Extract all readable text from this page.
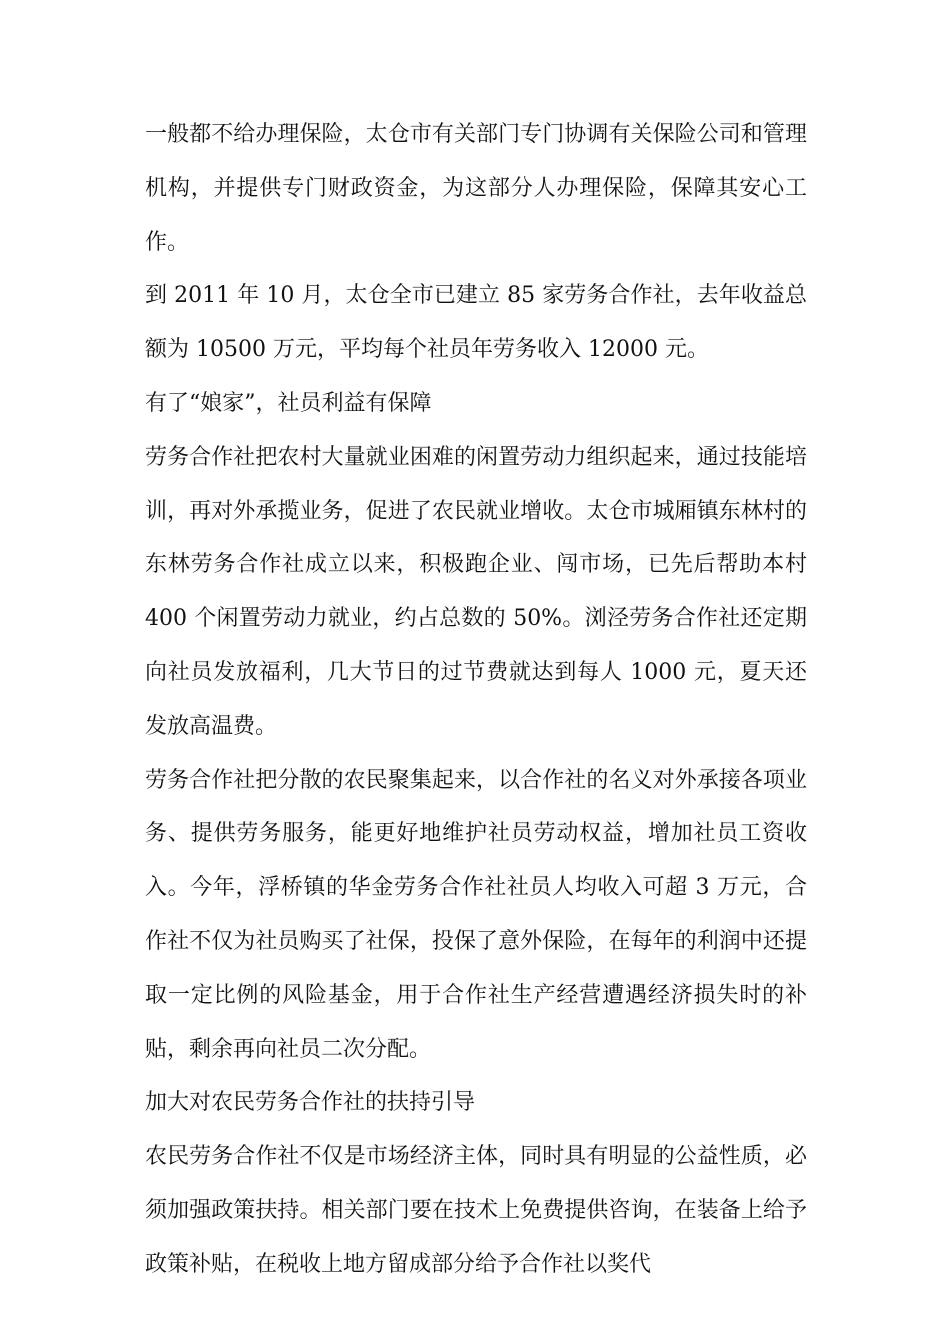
一般都不给办理保险，太仓市有关部门专门协调有关保险公司和管理机构，并提供专门财政资金，为这部分人办理保险，保障其安心工作。

到 2011 年 10 月，太仓全市已建立 85 家劳务合作社，去年收益总额为 10500 万元，平均每个社员年劳务收入 12000 元。

有了“娘家”，社员利益有保障

劳务合作社把农村大量就业困难的闲置劳动力组织起来，通过技能培训，再对外承揽业务，促进了农民就业增收。太仓市城厢镇东林村的东林劳务合作社成立以来，积极跑企业、闯市场，已先后帮助本村 400 个闲置劳动力就业，约占总数的 50%。浏泾劳务合作社还定期向社员发放福利，几大节日的过节费就达到每人 1000 元，夏天还发放高温费。

劳务合作社把分散的农民聚集起来，以合作社的名义对外承接各项业务、提供劳务服务，能更好地维护社员劳动权益，增加社员工资收入。今年，浮桥镇的华金劳务合作社社员人均收入可超 3 万元，合作社不仅为社员购买了社保，投保了意外保险，在每年的利润中还提取一定比例的风险基金，用于合作社生产经营遭遇经济损失时的补贴，剩余再向社员二次分配。

加大对农民劳务合作社的扶持引导

农民劳务合作社不仅是市场经济主体，同时具有明显的公益性质，必须加强政策扶持。相关部门要在技术上免费提供咨询，在装备上给予政策补贴，在税收上地方留成部分给予合作社以奖代
